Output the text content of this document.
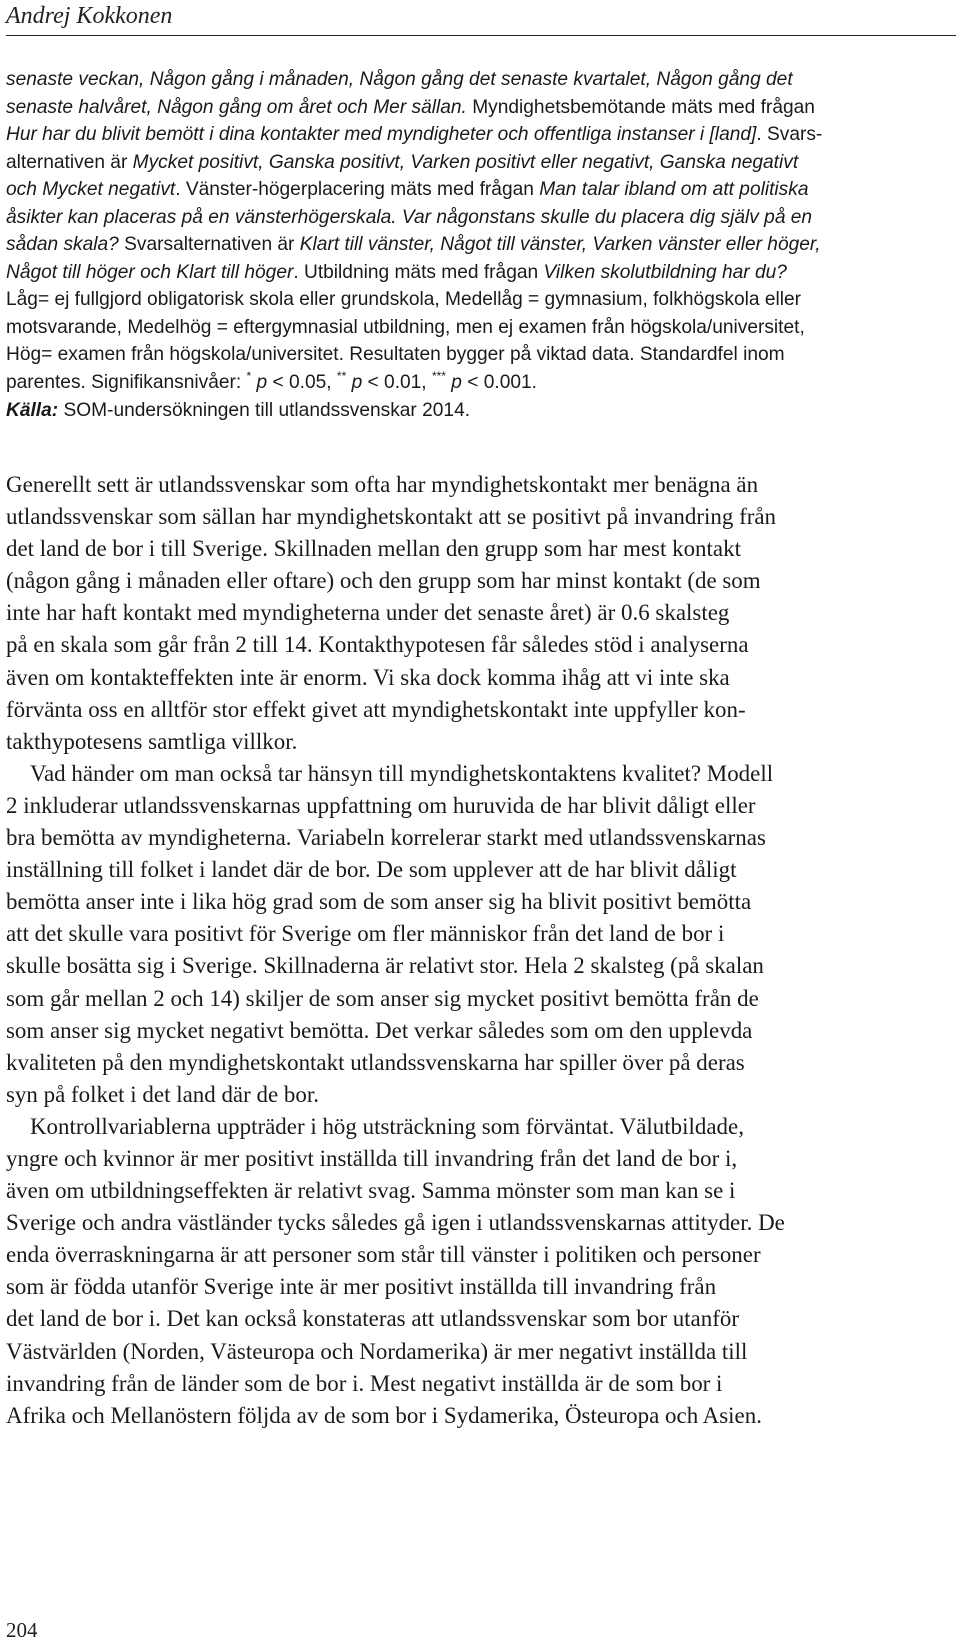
Andrej Kokkonen
senaste veckan, Någon gång i månaden, Någon gång det senaste kvartalet, Någon gång det
senaste halvåret, Någon gång om året och Mer sällan. Myndighetsbemötande mäts med frågan
Hur har du blivit bemött i dina kontakter med myndigheter och offentliga instanser i [land]. Svars-
alternativen är Mycket positivt, Ganska positivt, Varken positivt eller negativt, Ganska negativt
och Mycket negativt. Vänster-högerplacering mäts med frågan Man talar ibland om att politiska
åsikter kan placeras på en vänsterhögerskala. Var någonstans skulle du placera dig själv på en
sådan skala? Svarsalternativen är Klart till vänster, Något till vänster, Varken vänster eller höger,
Något till höger och Klart till höger. Utbildning mäts med frågan Vilken skolutbildning har du?
Låg= ej fullgjord obligatorisk skola eller grundskola, Medellåg = gymnasium, folkhögskola eller
motsvarande, Medelhög = eftergymnasial utbildning, men ej examen från högskola/universitet,
Hög= examen från högskola/universitet. Resultaten bygger på viktad data. Standardfel inom
parentes. Signifikansnivåer: * p < 0.05, ** p < 0.01, *** p < 0.001.
Källa: SOM-undersökningen till utlandssvenskar 2014.
Generellt sett är utlandssvenskar som ofta har myndighetskontakt mer benägna än
utlandssvenskar som sällan har myndighetskontakt att se positivt på invandring från
det land de bor i till Sverige. Skillnaden mellan den grupp som har mest kontakt
(någon gång i månaden eller oftare) och den grupp som har minst kontakt (de som
inte har haft kontakt med myndigheterna under det senaste året) är 0.6 skalsteg
på en skala som går från 2 till 14. Kontakthypotesen får således stöd i analyserna
även om kontakteffekten inte är enorm. Vi ska dock komma ihåg att vi inte ska
förvänta oss en alltför stor effekt givet att myndighetskontakt inte uppfyller kon-
takthypotesens samtliga villkor.
Vad händer om man också tar hänsyn till myndighetskontaktens kvalitet? Modell
2 inkluderar utlandssvenskarnas uppfattning om huruvida de har blivit dåligt eller
bra bemötta av myndigheterna. Variabeln korrelerar starkt med utlandssvenskarnas
inställning till folket i landet där de bor. De som upplever att de har blivit dåligt
bemötta anser inte i lika hög grad som de som anser sig ha blivit positivt bemötta
att det skulle vara positivt för Sverige om fler människor från det land de bor i
skulle bosätta sig i Sverige. Skillnaderna är relativt stor. Hela 2 skalsteg (på skalan
som går mellan 2 och 14) skiljer de som anser sig mycket positivt bemötta från de
som anser sig mycket negativt bemötta. Det verkar således som om den upplevda
kvaliteten på den myndighetskontakt utlandssvenskarna har spiller över på deras
syn på folket i det land där de bor.
Kontrollvariablerna uppträder i hög utsträckning som förväntat. Välutbildade,
yngre och kvinnor är mer positivt inställda till invandring från det land de bor i,
även om utbildningseffekten är relativt svag. Samma mönster som man kan se i
Sverige och andra västländer tycks således gå igen i utlandssvenskarnas attityder. De
enda överraskningarna är att personer som står till vänster i politiken och personer
som är födda utanför Sverige inte är mer positivt inställda till invandring från
det land de bor i. Det kan också konstateras att utlandssvenskar som bor utanför
Västvärlden (Norden, Västeuropa och Nordamerika) är mer negativt inställda till
invandring från de länder som de bor i. Mest negativt inställda är de som bor i
Afrika och Mellanöstern följda av de som bor i Sydamerika, Östeuropa och Asien.
204
